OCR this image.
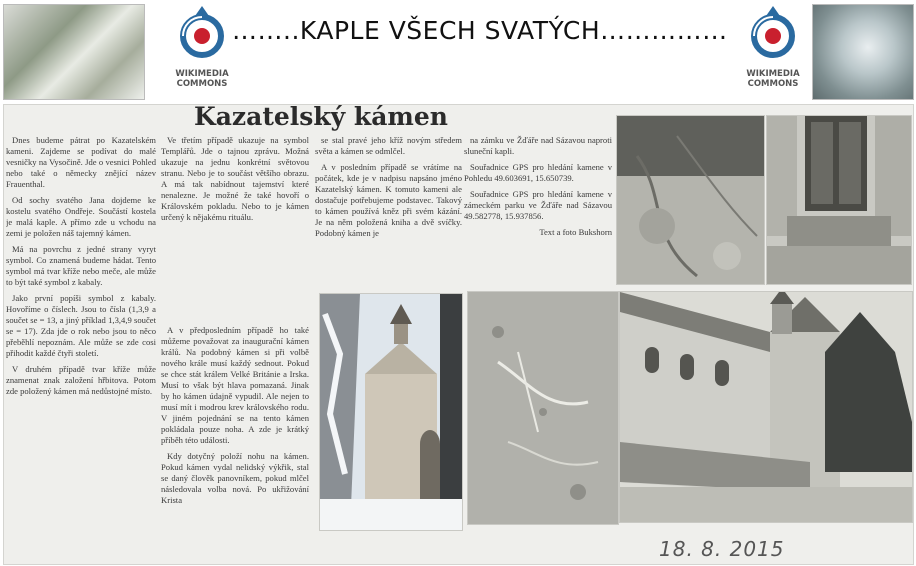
WIKIMEDIA
COMMONS
……..KAPLE VŠECH SVATÝCH……………
WIKIMEDIA
COMMONS
Kazatelský kámen

Dnes budeme pátrat po Kazatelském kameni. Zajdeme se podívat do malé vesničky na Vysočině. Jde o vesnici Pohled nebo také o německy znějící název Frauenthal.

Od sochy svatého Jana dojdeme ke kostelu svatého Ondřeje. Součástí kostela je malá kaple. A přímo zde u vchodu na zemi je položen náš tajemný kámen.

Má na povrchu z jedné strany vyryt symbol. Co znamená budeme hádat. Tento symbol má tvar kříže nebo meče, ale může to být také symbol z kabaly.

Jako první popíši symbol z kabaly. Hovoříme o číslech. Jsou to čísla (1,3,9 a součet se = 13, a jiný příklad 1,3,4,9 součet se = 17). Zda jde o rok nebo jsou to něco přeběhlí nepoznám. Ale může se zde cosi přihodit každé čtyři století.

V druhém případě tvar kříže může znamenat znak založení hřbitova. Potom zde položený kámen má nedůstojné místo.

Ve třetím případě ukazuje na symbol Templářů. Jde o tajnou zprávu. Možná ukazuje na jednu konkrétní světovou stranu. Nebo je to součást většího obrazu. A má tak nabídnout tajemství které nenalezne. Je možné že také hovoří o Královském pokladu. Nebo to je kámen určený k nějakému rituálu.

A v předposledním případě ho také můžeme považovat za inaugurační kámen králů. Na podobný kámen si při volbě nového krále musí každý sednout. Pokud se chce stát králem Velké Británie a Irska. Musí to však být hlava pomazaná. Jinak by ho kámen údajně vypudil. Ale nejen to musí mít i modrou krev královského rodu. V jiném pojednání se na tento kámen pokládala pouze noha. A zde je krátký příběh této události.

Kdy dotyčný položí nohu na kámen. Pokud kámen vydal nelidský výkřik, stal se daný člověk panovníkem, pokud mlčel následovala volba nová. Po ukřižování Krista

se stal pravé jeho kříž novým středem světa a kámen se odmlčel.

A v posledním případě se vrátíme na počátek, kde je v nadpisu napsáno jméno Kazatelský kámen. K tomuto kameni ale dostačuje potřebujeme podstavec. Takový to kámen používá kněz při svém kázání. Je na něm položená kniha a dvě svíčky. Podobný kámen je

na zámku ve Žďáře nad Sázavou naproti sluneční kapli.

Souřadnice GPS pro hledání kamene v Pohledu 49.603691, 15.650739.

Souřadnice GPS pro hledání kamene v zámeckém parku ve Žďáře nad Sázavou 49.582778, 15.937856.

Text a foto Bukshorn

18. 8. 2015
